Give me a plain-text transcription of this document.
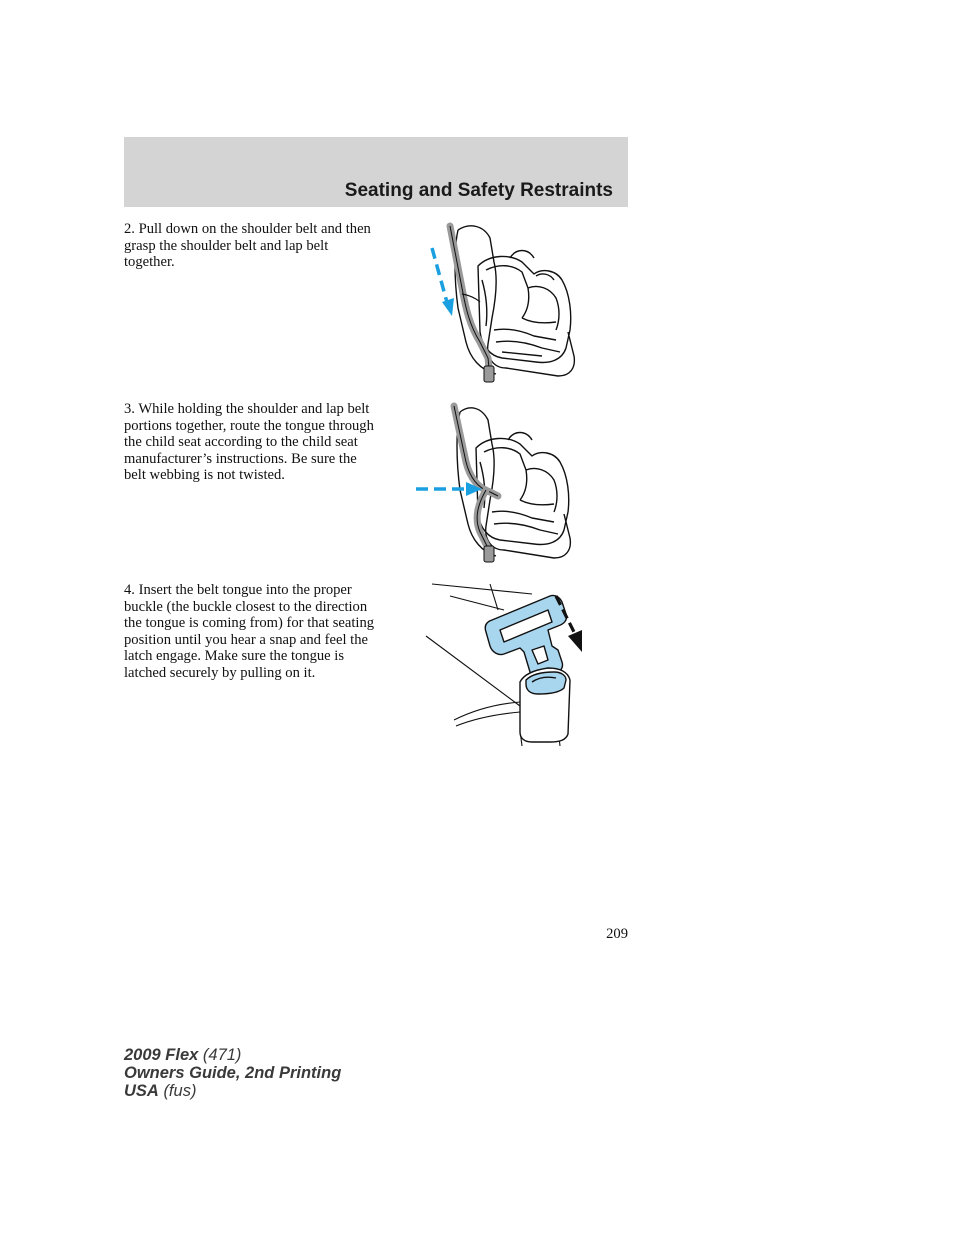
Seating and Safety Restraints
2. Pull down on the shoulder belt and then grasp the shoulder belt and lap belt together.
3. While holding the shoulder and lap belt portions together, route the tongue through the child seat according to the child seat manufacturer’s instructions. Be sure the belt webbing is not twisted.
4. Insert the belt tongue into the proper buckle (the buckle closest to the direction the tongue is coming from) for that seating position until you hear a snap and feel the latch engage. Make sure the tongue is latched securely by pulling on it.
209
2009 Flex (471)
Owners Guide, 2nd Printing
USA (fus)
